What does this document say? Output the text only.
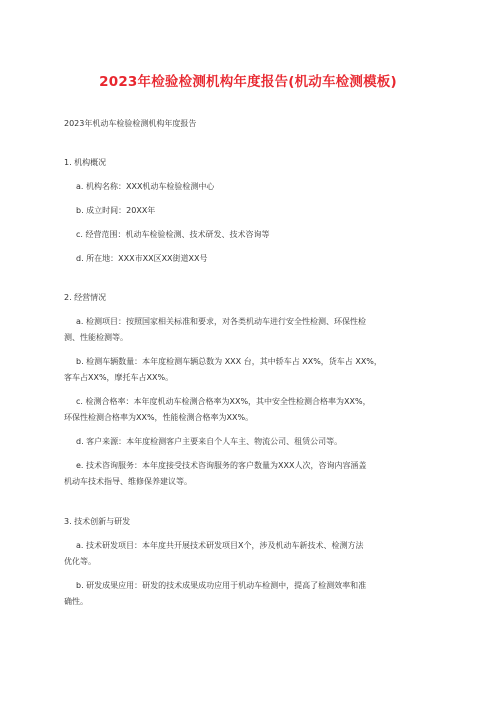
2023年检验检测机构年度报告(机动车检测模板)
2023年机动车检验检测机构年度报告
1. 机构概况
a. 机构名称：XXX机动车检验检测中心
b. 成立时间：20XX年
c. 经营范围：机动车检验检测、技术研发、技术咨询等
d. 所在地：XXX市XX区XX街道XX号
2. 经营情况
a. 检测项目：按照国家相关标准和要求，对各类机动车进行安全性检测、环保性检
测、性能检测等。
b. 检测车辆数量：本年度检测车辆总数为 XXX 台，其中轿车占 XX%，货车占 XX%，
客车占XX%，摩托车占XX%。
c. 检测合格率：本年度机动车检测合格率为XX%，其中安全性检测合格率为XX%，
环保性检测合格率为XX%，性能检测合格率为XX%。
d. 客户来源：本年度检测客户主要来自个人车主、物流公司、租赁公司等。
e. 技术咨询服务：本年度接受技术咨询服务的客户数量为XXX人次，咨询内容涵盖
机动车技术指导、维修保养建议等。
3. 技术创新与研发
a. 技术研发项目：本年度共开展技术研发项目X个，涉及机动车新技术、检测方法
优化等。
b. 研发成果应用：研发的技术成果成功应用于机动车检测中，提高了检测效率和准
确性。
